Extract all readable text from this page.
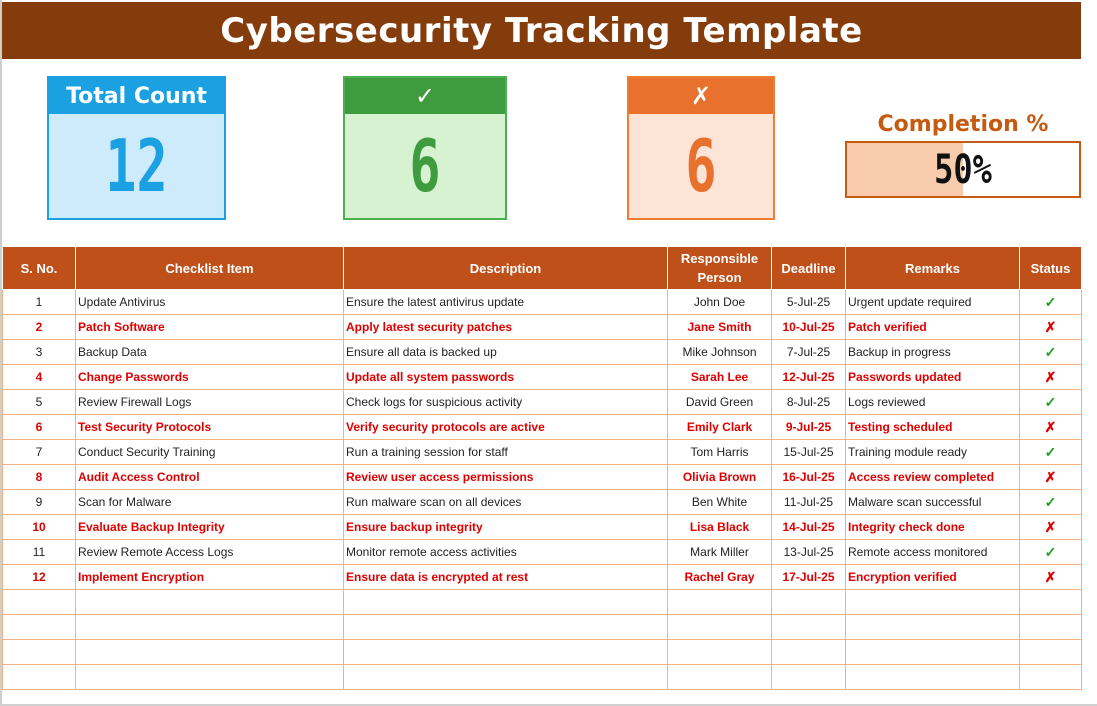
Cybersecurity Tracking Template
Total Count
12
✓
6
✗
6	Completion %
50%
S. No.	Checklist Item	Description	Responsible Person	Deadline	Remarks	Status
1	Update Antivirus	Ensure the latest antivirus update	John Doe	5-Jul-25	Urgent update required	✓
2	Patch Software	Apply latest security patches	Jane Smith	10-Jul-25	Patch verified	✗
3	Backup Data	Ensure all data is backed up	Mike Johnson	7-Jul-25	Backup in progress	✓
4	Change Passwords	Update all system passwords	Sarah Lee	12-Jul-25	Passwords updated	✗
5	Review Firewall Logs	Check logs for suspicious activity	David Green	8-Jul-25	Logs reviewed	✓
6	Test Security Protocols	Verify security protocols are active	Emily Clark	9-Jul-25	Testing scheduled	✗
7	Conduct Security Training	Run a training session for staff	Tom Harris	15-Jul-25	Training module ready	✓
8	Audit Access Control	Review user access permissions	Olivia Brown	16-Jul-25	Access review completed	✗
9	Scan for Malware	Run malware scan on all devices	Ben White	11-Jul-25	Malware scan successful	✓
10	Evaluate Backup Integrity	Ensure backup integrity	Lisa Black	14-Jul-25	Integrity check done	✗
11	Review Remote Access Logs	Monitor remote access activities	Mark Miller	13-Jul-25	Remote access monitored	✓
12	Implement Encryption	Ensure data is encrypted at rest	Rachel Gray	17-Jul-25	Encryption verified	✗
